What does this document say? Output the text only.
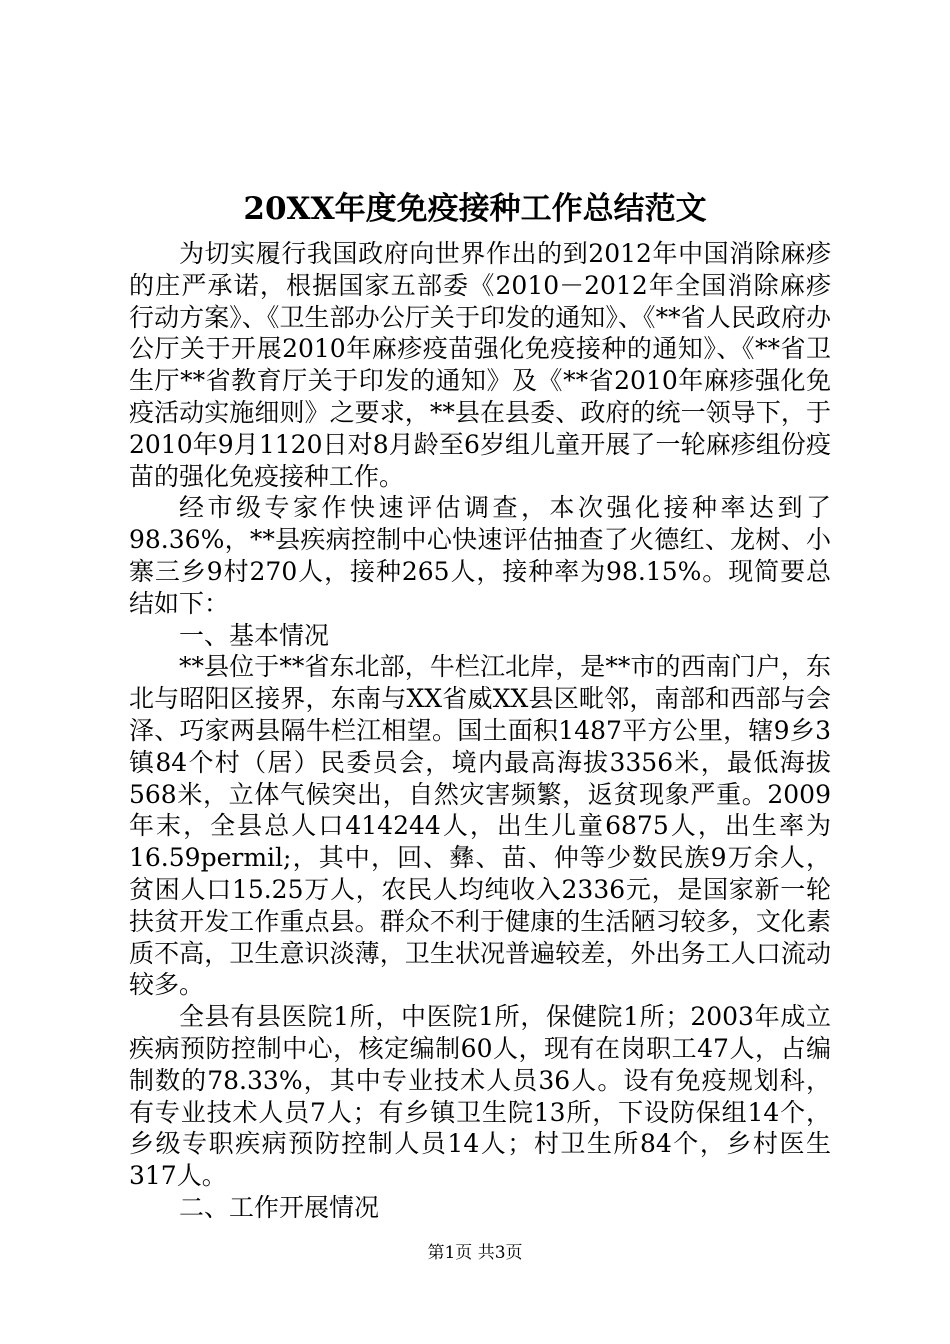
20XX年度免疫接种工作总结范文

为切实履行我国政府向世界作出的到2012年中国消除麻疹的庄严承诺，根据国家五部委《2010－2012年全国消除麻疹行动方案》、《卫生部办公厅关于印发的通知》、《**省人民政府办公厅关于开展2010年麻疹疫苗强化免疫接种的通知》、《**省卫生厅**省教育厅关于印发的通知》及《**省2010年麻疹强化免疫活动实施细则》之要求，**县在县委、政府的统一领导下，于2010年9月1120日对8月龄至6岁组儿童开展了一轮麻疹组份疫苗的强化免疫接种工作。

经市级专家作快速评估调查，本次强化接种率达到了98.36%，**县疾病控制中心快速评估抽查了火德红、龙树、小寨三乡9村270人，接种265人，接种率为98.15%。现简要总结如下：

一、基本情况

**县位于**省东北部，牛栏江北岸，是**市的西南门户，东北与昭阳区接界，东南与XX省威XX县区毗邻，南部和西部与会泽、巧家两县隔牛栏江相望。国土面积1487平方公里，辖9乡3镇84个村（居）民委员会，境内最高海拔3356米，最低海拔568米，立体气候突出，自然灾害频繁，返贫现象严重。2009年末，全县总人口414244人，出生儿童6875人，出生率为16.59permil;，其中，回、彝、苗、仲等少数民族9万余人，贫困人口15.25万人，农民人均纯收入2336元，是国家新一轮扶贫开发工作重点县。群众不利于健康的生活陋习较多，文化素质不高，卫生意识淡薄，卫生状况普遍较差，外出务工人口流动较多。

全县有县医院1所，中医院1所，保健院1所；2003年成立疾病预防控制中心，核定编制60人，现有在岗职工47人，占编制数的78.33%，其中专业技术人员36人。设有免疫规划科，有专业技术人员7人；有乡镇卫生院13所，下设防保组14个，乡级专职疾病预防控制人员14人；村卫生所84个，乡村医生317人。

二、工作开展情况

第1页 共3页
